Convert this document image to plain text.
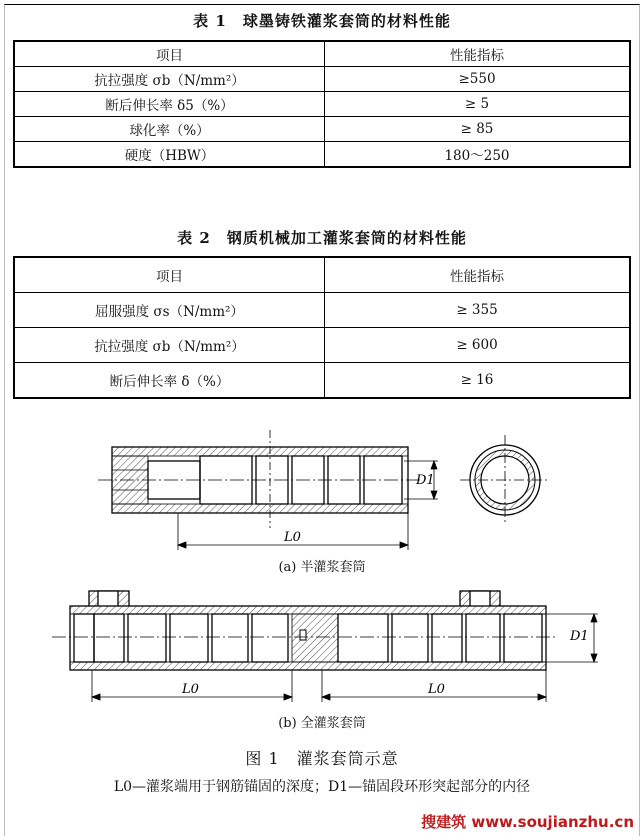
表 1　球墨铸铁灌浆套筒的材料性能
项目	性能指标
抗拉强度 σb（N/mm²）	≥550
断后伸长率 δ5（%）	≥ 5
球化率（%）	≥ 85
硬度（HBW）	180～250
表 2　钢质机械加工灌浆套筒的材料性能
项目	性能指标
屈服强度 σs（N/mm²）	≥ 355
抗拉强度 σb（N/mm²）	≥ 600
断后伸长率 δ（%）	≥ 16
L0
D1
L0	L0
D1
(a) 半灌浆套筒
(b) 全灌浆套筒
图 1　灌浆套筒示意
L0—灌浆端用于钢筋锚固的深度；D1—锚固段环形突起部分的内径
搜建筑 www.soujianzhu.cn
